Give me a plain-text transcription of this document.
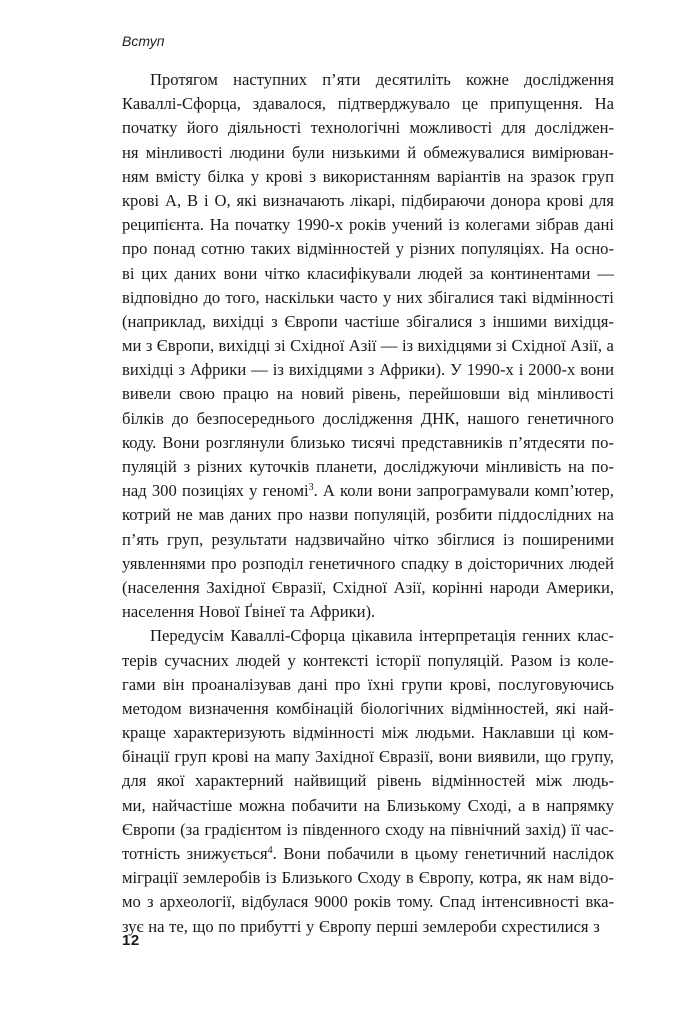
Вступ
Протягом наступних п’яти десятиліть кожне дослідження
Каваллі-Сфорца, здавалося, підтверджувало це припущення. На
початку його діяльності технологічні можливості для досліджен-
ня мінливості людини були низькими й обмежувалися вимірюван-
ням вмісту білка у крові з використанням варіантів на зразок груп
крові А, В і О, які визначають лікарі, підбираючи донора крові для
реципієнта. На початку 1990-х років учений із колегами зібрав дані
про понад сотню таких відмінностей у різних популяціях. На осно-
ві цих даних вони чітко класифікували людей за континентами —
відповідно до того, наскільки часто у них збігалися такі відмінності
(наприклад, вихідці з Європи частіше збігалися з іншими вихідця-
ми з Європи, вихідці зі Східної Азії — із вихідцями зі Східної Азії, а
вихідці з Африки — із вихідцями з Африки). У 1990-х і 2000-х вони
вивели свою працю на новий рівень, перейшовши від мінливості
білків до безпосереднього дослідження ДНК, нашого генетичного
коду. Вони розглянули близько тисячі представників п’ятдесяти по-
пуляцій з різних куточків планети, досліджуючи мінливість на по-
над 300 позиціях у геномі$^3$. А коли вони запрограмували комп’ютер,
котрий не мав даних про назви популяцій, розбити піддослідних на
п’ять груп, результати надзвичайно чітко збіглися із поширеними
уявленнями про розподіл генетичного спадку в доісторичних людей
(населення Західної Євразії, Східної Азії, корінні народи Америки,
населення Нової Ґвінеї та Африки).
Передусім Каваллі-Сфорца цікавила інтерпретація генних клас-
терів сучасних людей у контексті історії популяцій. Разом із коле-
гами він проаналізував дані про їхні групи крові, послуговуючись
методом визначення комбінацій біологічних відмінностей, які най-
краще характеризують відмінності між людьми. Наклавши ці ком-
бінації груп крові на мапу Західної Євразії, вони виявили, що групу,
для якої характерний найвищий рівень відмінностей між людь-
ми, найчастіше можна побачити на Близькому Сході, а в напрямку
Європи (за градієнтом із південного сходу на північний захід) її час-
тотність знижується$^4$. Вони побачили в цьому генетичний наслідок
міграції землеробів із Близького Сходу в Європу, котра, як нам відо-
мо з археології, відбулася 9000 років тому. Спад інтенсивності вка-
зує на те, що по прибутті у Європу перші землероби схрестилися з
12
